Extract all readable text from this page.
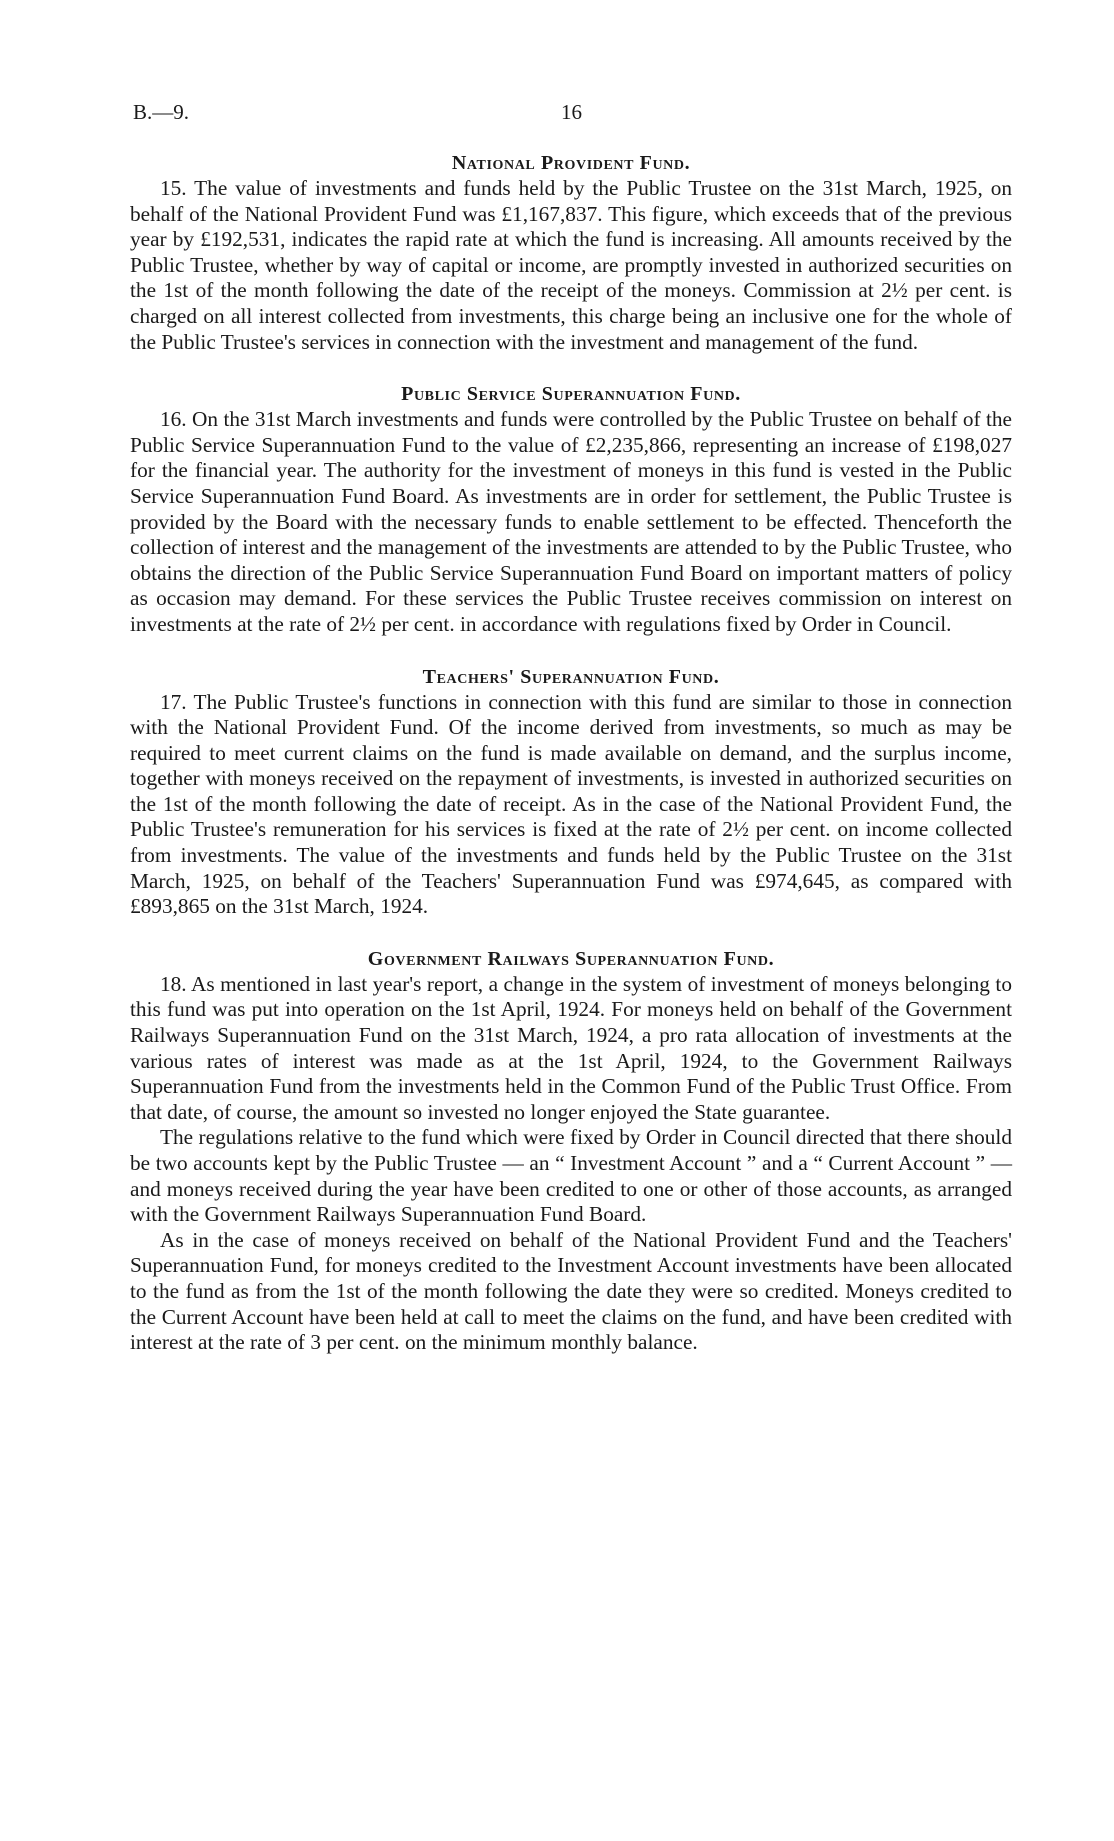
B.—9.	16
National Provident Fund.

15. The value of investments and funds held by the Public Trustee on the 31st March, 1925, on behalf of the National Provident Fund was £1,167,837. This figure, which exceeds that of the previous year by £192,531, indicates the rapid rate at which the fund is increasing. All amounts received by the Public Trustee, whether by way of capital or income, are promptly invested in authorized securities on the 1st of the month following the date of the receipt of the moneys. Commission at 2½ per cent. is charged on all interest collected from investments, this charge being an inclusive one for the whole of the Public Trustee's services in connection with the investment and management of the fund.

Public Service Superannuation Fund.

16. On the 31st March investments and funds were controlled by the Public Trustee on behalf of the Public Service Superannuation Fund to the value of £2,235,866, representing an increase of £198,027 for the financial year. The authority for the investment of moneys in this fund is vested in the Public Service Superannuation Fund Board. As investments are in order for settlement, the Public Trustee is provided by the Board with the necessary funds to enable settlement to be effected. Thenceforth the collection of interest and the management of the investments are attended to by the Public Trustee, who obtains the direction of the Public Service Superannuation Fund Board on important matters of policy as occasion may demand. For these services the Public Trustee receives commission on interest on investments at the rate of 2½ per cent. in accordance with regulations fixed by Order in Council.

Teachers' Superannuation Fund.

17. The Public Trustee's functions in connection with this fund are similar to those in connection with the National Provident Fund. Of the income derived from investments, so much as may be required to meet current claims on the fund is made available on demand, and the surplus income, together with moneys received on the repayment of investments, is invested in authorized securities on the 1st of the month following the date of receipt. As in the case of the National Provident Fund, the Public Trustee's remuneration for his services is fixed at the rate of 2½ per cent. on income collected from investments. The value of the investments and funds held by the Public Trustee on the 31st March, 1925, on behalf of the Teachers' Superannuation Fund was £974,645, as compared with £893,865 on the 31st March, 1924.

Government Railways Superannuation Fund.

18. As mentioned in last year's report, a change in the system of investment of moneys belonging to this fund was put into operation on the 1st April, 1924. For moneys held on behalf of the Government Railways Superannuation Fund on the 31st March, 1924, a pro rata allocation of investments at the various rates of interest was made as at the 1st April, 1924, to the Government Railways Superannuation Fund from the investments held in the Common Fund of the Public Trust Office. From that date, of course, the amount so invested no longer enjoyed the State guarantee.

The regulations relative to the fund which were fixed by Order in Council directed that there should be two accounts kept by the Public Trustee — an “ Investment Account ” and a “ Current Account ” — and moneys received during the year have been credited to one or other of those accounts, as arranged with the Government Railways Superannuation Fund Board.

As in the case of moneys received on behalf of the National Provident Fund and the Teachers' Superannuation Fund, for moneys credited to the Investment Account investments have been allocated to the fund as from the 1st of the month following the date they were so credited. Moneys credited to the Current Account have been held at call to meet the claims on the fund, and have been credited with interest at the rate of 3 per cent. on the minimum monthly balance.
